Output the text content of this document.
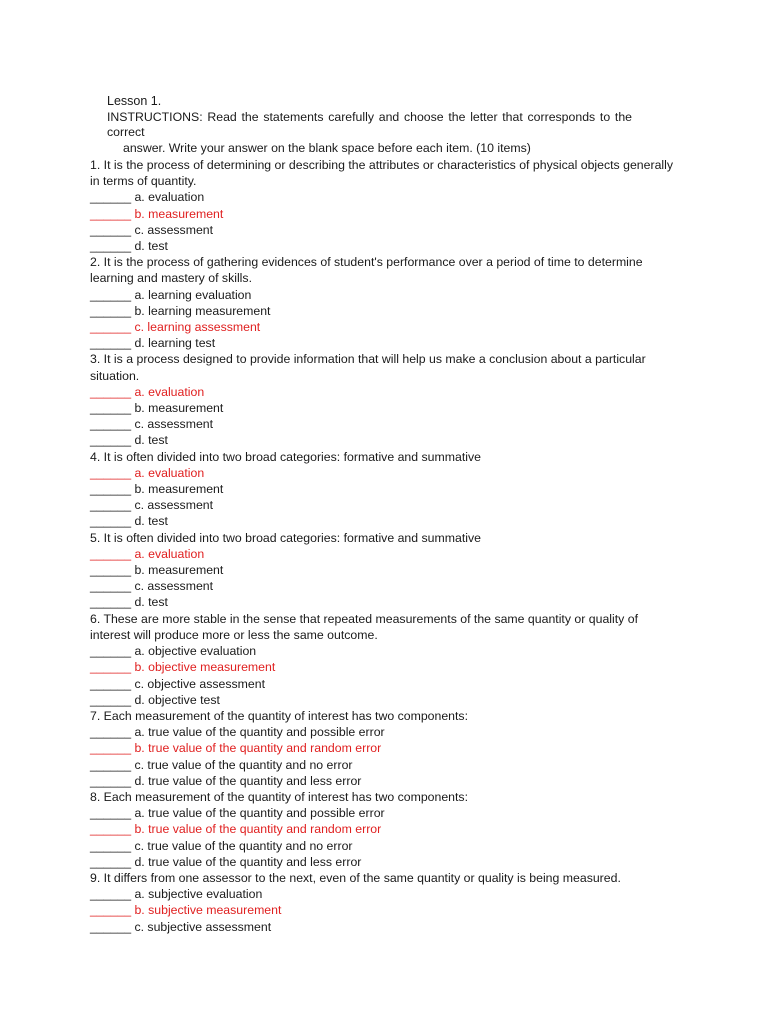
Lesson 1.
INSTRUCTIONS: Read the statements carefully and choose the letter that corresponds to the correct
answer. Write your answer on the blank space before each item. (10 items)
1. It is the process of determining or describing the attributes or characteristics of physical objects generally in terms of quantity.
______ a. evaluation
______ b. measurement
______ c. assessment
______ d. test
2. It is the process of gathering evidences of student's performance over a period of time to determine learning and mastery of skills.
______ a. learning evaluation
______ b. learning measurement
______ c. learning assessment
______ d. learning test
3. It is a process designed to provide information that will help us make a conclusion about a particular situation.
______ a. evaluation
______ b. measurement
______ c. assessment
______ d. test
4. It is often divided into two broad categories: formative and summative
______ a. evaluation
______ b. measurement
______ c. assessment
______ d. test
5. It is often divided into two broad categories: formative and summative
______ a. evaluation
______ b. measurement
______ c. assessment
______ d. test
6. These are more stable in the sense that repeated measurements of the same quantity or quality of interest will produce more or less the same outcome.
______ a. objective evaluation
______ b. objective measurement
______ c. objective assessment
______ d. objective test
7. Each measurement of the quantity of interest has two components:
______ a. true value of the quantity and possible error
______ b. true value of the quantity and random error
______ c. true value of the quantity and no error
______ d. true value of the quantity and less error
8. Each measurement of the quantity of interest has two components:
______ a. true value of the quantity and possible error
______ b. true value of the quantity and random error
______ c. true value of the quantity and no error
______ d. true value of the quantity and less error
9. It differs from one assessor to the next, even of the same quantity or quality is being measured.
______ a. subjective evaluation
______ b. subjective measurement
______ c. subjective assessment
